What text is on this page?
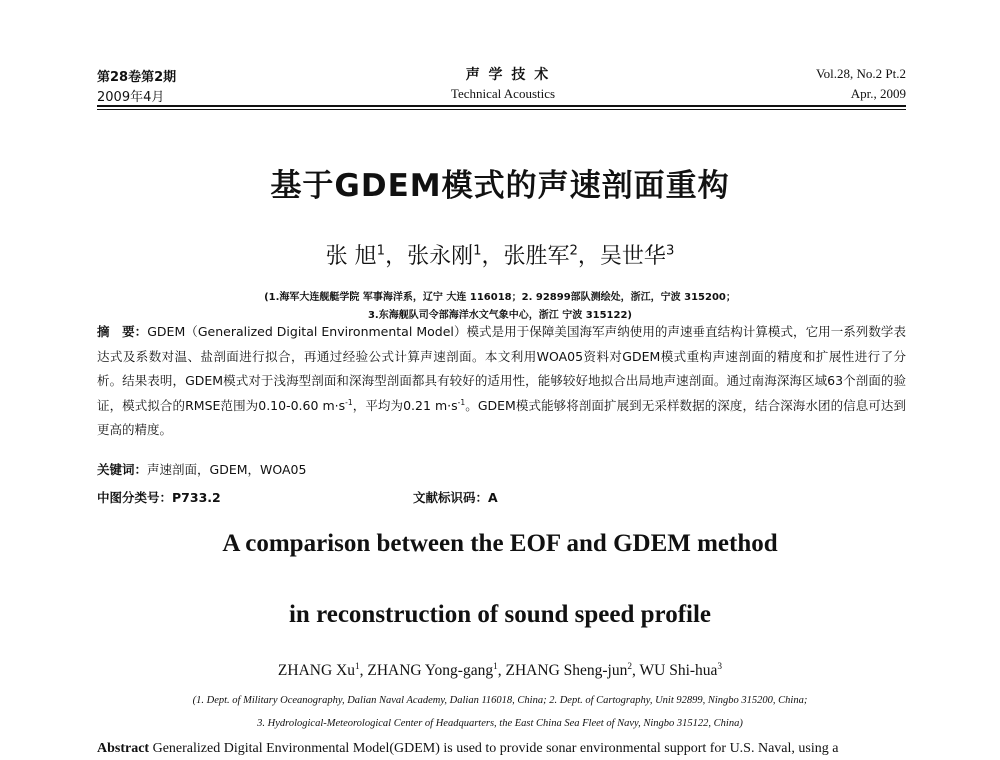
第28卷第2期
2009年4月
声 学 技 术
Technical Acoustics
Vol.28, No.2 Pt.2
Apr., 2009
基于GDEM模式的声速剖面重构
张 旭$^1$，张永刚$^1$，张胜军$^2$，吴世华$^3$
(1.海军大连舰艇学院 军事海洋系，辽宁 大连 116018；2. 92899部队测绘处，浙江，宁波 315200；
3.东海舰队司令部海洋水文气象中心，浙江 宁波 315122)
摘　要：GDEM（Generalized Digital Environmental Model）模式是用于保障美国海军声纳使用的声速垂直结构计算模式，它用一系列数学表达式及系数对温、盐剖面进行拟合，再通过经验公式计算声速剖面。本文利用WOA05资料对GDEM模式重构声速剖面的精度和扩展性进行了分析。结果表明，GDEM模式对于浅海型剖面和深海型剖面都具有较好的适用性，能够较好地拟合出局地声速剖面。通过南海深海区域63个剖面的验证，模式拟合的RMSE范围为0.10-0.60 $m\cdot s^{-1}$，平均为0.21 $m\cdot s^{-1}$。GDEM模式能够将剖面扩展到无采样数据的深度，结合深海水团的信息可达到更高的精度。
关键词：声速剖面，GDEM，WOA05
中图分类号：P733.2	文献标识码：A
A comparison between the EOF and GDEM method
in reconstruction of sound speed profile
ZHANG Xu$^1$, ZHANG Yong-gang$^1$, ZHANG Sheng-jun$^2$, WU Shi-hua$^3$
(1. Dept. of Military Oceanography, Dalian Naval Academy, Dalian 116018, China; 2. Dept. of Cartography, Unit 92899, Ningbo 315200, China;
3. Hydrological-Meteorological Center of Headquarters, the East China Sea Fleet of Navy, Ningbo 315122, China)
Abstract Generalized Digital Environmental Model(GDEM) is used to provide sonar environmental support for U.S. Naval, using a
